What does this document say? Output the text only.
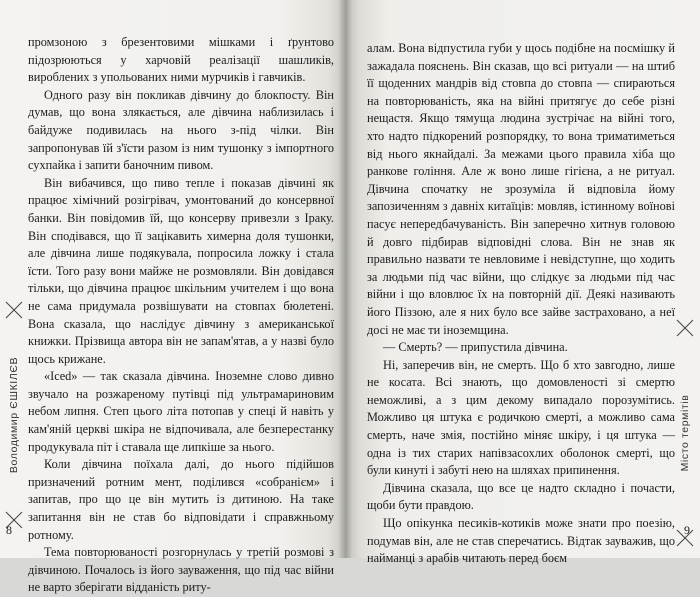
промзоною з брезентовими мішками і ґрунтово підозрюються у харчовій реалізації шашликів, вироблених з упольованих ними мурчиків і гавчиків.

Одного разу він покликав дівчину до блокпосту. Він думав, що вона злякається, але дівчина наблизилась і байдуже подивилась на нього з-під чілки. Він запропонував їй з'їсти разом із ним тушонку з імпортного сухпайка і запити баночним пивом.

Він вибачився, що пиво тепле і показав дівчині як працює хімічний розігрівач, умонтований до консервної банки. Він повідомив їй, що консерву привезли з Іраку. Він сподівався, що її зацікавить химерна доля тушонки, але дівчина лише подякувала, попросила ложку і стала їсти. Того разу вони майже не розмовляли. Він довідався тільки, що дівчина працює шкільним учителем і що вона не сама придумала розвішувати на стовпах бюлетені. Вона сказала, що наслідує дівчину з американської книжки. Прізвища автора він не запам'ятав, а у назві було щось крижане.

«Iced» — так сказала дівчина. Іноземне слово дивно звучало на розжареному путівці під ультрамариновим небом липня. Степ цього літа потопав у спеці й навіть у кам'яній церкві шкіра не відпочивала, але безперестанку продукувала піт і ставала ще липкіше за нього.

Коли дівчина поїхала далі, до нього підійшов призначений ротним мент, поділився «собранієм» і запитав, про що це він мутить із дитиною. На таке запитання він не став бо відповідати і справжньому ротному.

Тема повторюваності розгорнулась у третій розмові з дівчиною. Почалось із його зауваження, що під час війни не варто зберігати відданість риту-

Володимир ЄШКІЛЄВ
8

алам. Вона відпустила губи у щось подібне на посмішку й зажадала пояснень. Він сказав, що всі ритуали — на штиб її щоденних мандрів від стовпа до стовпа — спираються на повторюваність, яка на війні притягує до себе різні нещастя. Якщо тямуща людина зустрічає на війні того, хто надто підкорений розпорядку, то вона триматиметься від нього якнайдалі. За межами цього правила хіба що ранкове гоління. Але ж воно лише гігієна, а не ритуал. Дівчина спочатку не зрозуміла й відповіла йому запозиченням з давніх китаїців: мовляв, істинному воїнові пасує непередбачуваність. Він заперечно хитнув головою й довго підбирав відповідні слова. Він не знав як правильно назвати те невловиме і невідступне, що ходить за людьми під час війни, що слідкує за людьми під час війни і що вловлює їх на повторній дії. Деякі називають його Піззою, але я них було все зайве застраховано, а неї досі не має ти іноземщина.

— Смерть? — припустила дівчина.

Ні, заперечив він, не смерть. Що б хто завгодно, лише не косата. Всі знають, що домовленості зі смертю неможливі, а з цим декому випадало порозумітись. Можливо ця штука є родичкою смерті, а можливо сама смерть, наче змія, постійно міняє шкіру, і ця штука — одна із тих старих напівзасохлих оболонок смерті, що були кинуті і забуті нею на шляхах припинення.

Дівчина сказала, що все це надто складно і почасти, щоби бути правдою.

Що опікунка песиків-котиків може знати про поезію, подумав він, але не став сперечатись. Відтак зауважив, що найманці з арабів читають перед боєм

Місто термітів
9
